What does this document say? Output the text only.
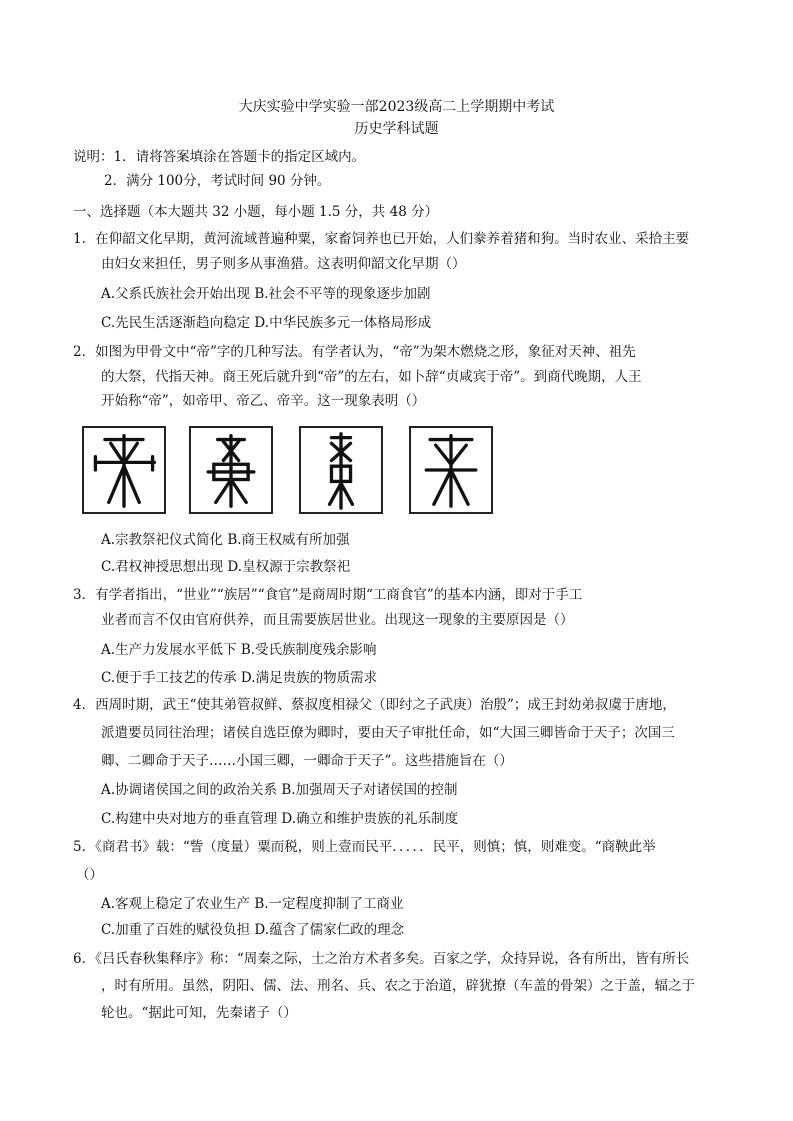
大庆实验中学实验一部2023级高二上学期期中考试
历史学科试题
说明：1．请将答案填涂在答题卡的指定区域内。
2．满分 100分，考试时间 90 分钟。
一、选择题（本大题共 32 小题，每小题 1.5 分，共 48 分）
1．在仰韶文化早期，黄河流域普遍种粟，家畜饲养也已开始，人们豢养着猪和狗。当时农业、采拾主要
由妇女来担任，男子则多从事渔猎。这表明仰韶文化早期（）
A.父系氏族社会开始出现 B.社会不平等的现象逐步加剧
C.先民生活逐渐趋向稳定 D.中华民族多元一体格局形成
2．如图为甲骨文中“帝”字的几种写法。有学者认为，“帝”为架木燃烧之形，象征对天神、祖先
的大祭，代指天神。商王死后就升到“帝”的左右，如卜辞“贞咸宾于帝”。到商代晚期，人王
开始称“帝”，如帝甲、帝乙、帝辛。这一现象表明（）
A.宗教祭祀仪式简化 B.商王权威有所加强
C.君权神授思想出现 D.皇权源于宗教祭祀
3．有学者指出，“世业”“族居”“食官”是商周时期“工商食官”的基本内涵，即对于手工
业者而言不仅由官府供养，而且需要族居世业。出现这一现象的主要原因是（）
A.生产力发展水平低下 B.受氏族制度残余影响
C.便于手工技艺的传承 D.满足贵族的物质需求
4．西周时期，武王“使其弟管叔鲜、蔡叔度相禄父（即纣之子武庚）治殷”；成王封幼弟叔虞于唐地，
派遣要员同往治理；诸侯自选臣僚为卿时，要由天子审批任命，如“大国三卿皆命于天子；次国三
卿、二卿命于天子……小国三卿，一卿命于天子”。这些措施旨在（）
A.协调诸侯国之间的政治关系 B.加强周天子对诸侯国的控制
C.构建中央对地方的垂直管理 D.确立和维护贵族的礼乐制度
5．《商君书》载：“訾（度量）粟而税，则上壹而民平．．．．．民平，则慎；慎，则难变。“商鞅此举
（）
A.客观上稳定了农业生产 B.一定程度抑制了工商业
C.加重了百姓的赋役负担 D.蕴含了儒家仁政的理念
6．《吕氏春秋集释序》称：“周秦之际，士之治方术者多矣。百家之学，众持异说，各有所出，皆有所长
，时有所用。虽然，阴阳、儒、法、刑名、兵、农之于治道，辟犹撩（车盖的骨架）之于盖，辐之于
轮也。“据此可知，先秦诸子（）
